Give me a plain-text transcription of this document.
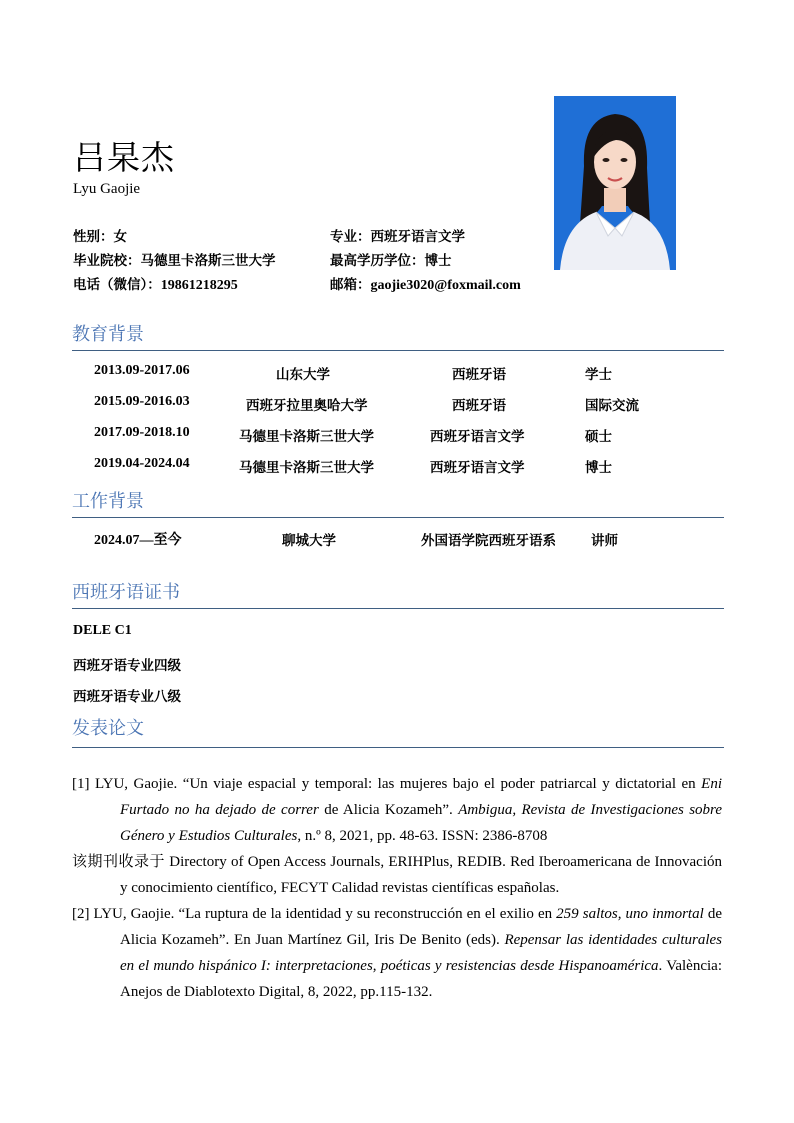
吕杲杰
Lyu Gaojie
性别：女	专业：西班牙语言文学
毕业院校：马德里卡洛斯三世大学	最高学历学位：博士
电话（微信）：19861218295	邮箱：gaojie3020@foxmail.com
教育背景
2013.09-2017.06	山东大学	西班牙语	学士
2015.09-2016.03	西班牙拉里奥哈大学	西班牙语	国际交流
2017.09-2018.10	马德里卡洛斯三世大学	西班牙语言文学	硕士
2019.04-2024.04	马德里卡洛斯三世大学	西班牙语言文学	博士
工作背景
2024.07—至今	聊城大学	外国语学院西班牙语系	讲师
西班牙语证书
DELE C1
西班牙语专业四级
西班牙语专业八级
发表论文

[1] LYU, Gaojie. “Un viaje espacial y temporal: las mujeres bajo el poder patriarcal y dictatorial en Eni Furtado no ha dejado de correr de Alicia Kozameh”. Ambigua, Revista de Investigaciones sobre Género y Estudios Culturales, n.º 8, 2021, pp. 48-63. ISSN: 2386-8708

该期刊收录于 Directory of Open Access Journals, ERIHPlus, REDIB. Red Iberoamericana de Innovación y conocimiento científico, FECYT Calidad revistas científicas españolas.

[2] LYU, Gaojie. “La ruptura de la identidad y su reconstrucción en el exilio en 259 saltos, uno inmortal de Alicia Kozameh”. En Juan Martínez Gil, Iris De Benito (eds). Repensar las identidades culturales en el mundo hispánico I: interpretaciones, poéticas y resistencias desde Hispanoamérica. València: Anejos de Diablotexto Digital, 8, 2022, pp.115-132.
